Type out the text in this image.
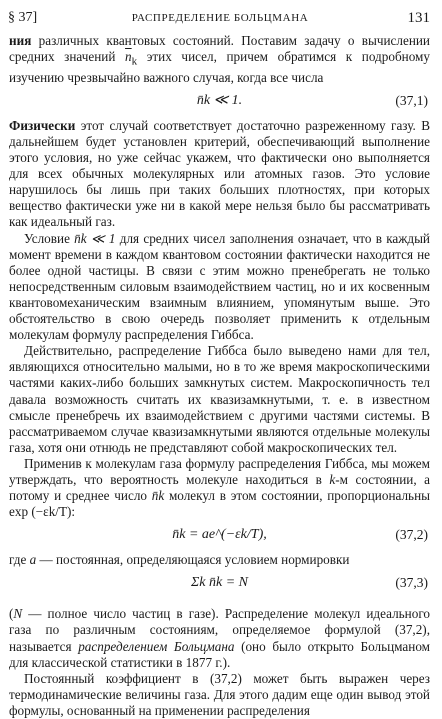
§ 37]	РАСПРЕДЕЛЕНИЕ БОЛЬЦМАНА	131

ния различных квантовых состояний. Поставим задачу о вычислении средних значений $\overline{n}_k$ этих чисел, причем обратимся к подробному изучению чрезвычайно важного случая, когда все числа

n̄k ≪ 1.	(37,1)

Физически этот случай соответствует достаточно разреженному газу. В дальнейшем будет установлен критерий, обеспечивающий выполнение этого условия, но уже сейчас укажем, что фактически оно выполняется для всех обычных молекулярных или атомных газов. Это условие нарушилось бы лишь при таких больших плотностях, при которых вещество фактически уже ни в какой мере нельзя было бы рассматривать как идеальный газ.

Условие n̄k ≪ 1 для средних чисел заполнения означает, что в каждый момент времени в каждом квантовом состоянии фактически находится не более одной частицы. В связи с этим можно пренебрегать не только непосредственным силовым взаимодействием частиц, но и их косвенным квантовомеханическим взаимным влиянием, упомянутым выше. Это обстоятельство в свою очередь позволяет применить к отдельным молекулам формулу распределения Гиббса.

Действительно, распределение Гиббса было выведено нами для тел, являющихся относительно малыми, но в то же время макроскопическими частями каких-либо больших замкнутых систем. Макроскопичность тел давала возможность считать их квазизамкнутыми, т. е. в известном смысле пренебречь их взаимодействием с другими частями системы. В рассматриваемом случае квазизамкнутыми являются отдельные молекулы газа, хотя они отнюдь не представляют собой макроскопических тел.

Применив к молекулам газа формулу распределения Гиббса, мы можем утверждать, что вероятность молекуле находиться в k-м состоянии, а потому и среднее число n̄k молекул в этом состоянии, пропорциональны exp (−εk/T):

n̄k = ae^(−εk/T),	(37,2)

где a — постоянная, определяющаяся условием нормировки

Σk n̄k = N	(37,3)

(N — полное число частиц в газе). Распределение молекул идеального газа по различным состояниям, определяемое формулой (37,2), называется распределением Больцмана (оно было открыто Больцманом для классической статистики в 1877 г.).

Постоянный коэффициент в (37,2) может быть выражен через термодинамические величины газа. Для этого дадим еще один вывод этой формулы, основанный на применении распределения
